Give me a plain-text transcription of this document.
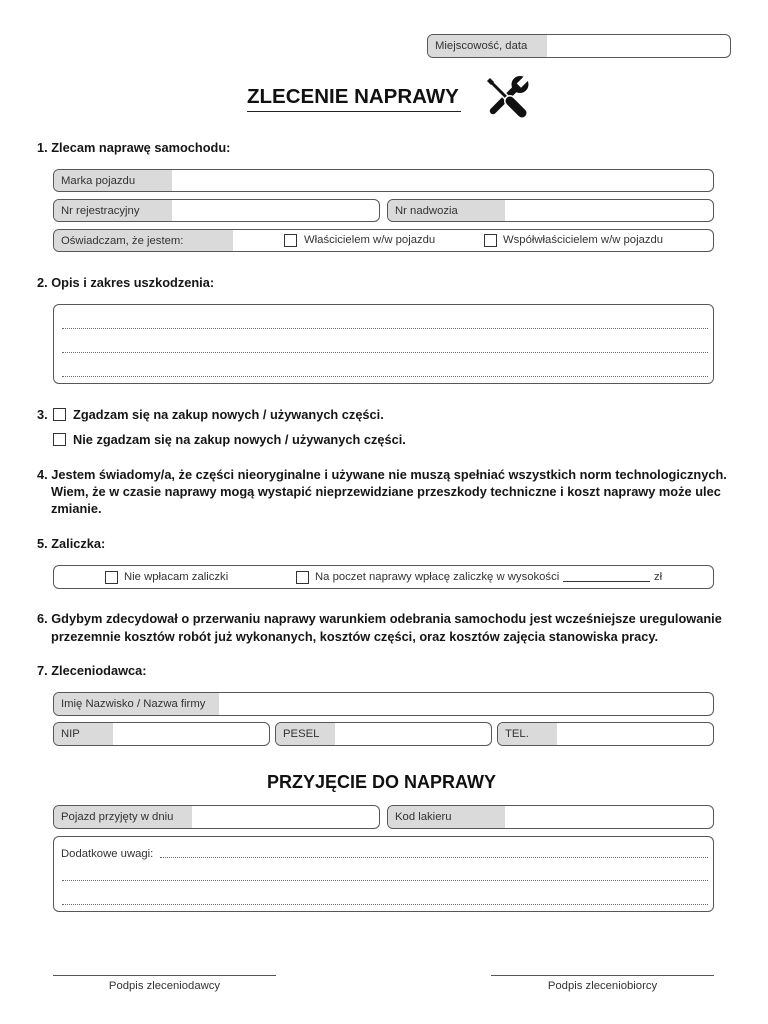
Miejscowość, data
ZLECENIE NAPRAWY
1. Zlecam naprawę samochodu:
Marka pojazdu
Nr rejestracyjny	Nr nadwozia
Oświadczam, że jestem:	Właścicielem w/w pojazdu	Współwłaścicielem w/w pojazdu
2. Opis i zakres uszkodzenia:
3. Zgadzam się na zakup nowych / używanych części.
Nie zgadzam się na zakup nowych / używanych części.
4. Jestem świadomy/a, że części nieoryginalne i używane nie muszą spełniać wszystkich norm technologicznych.
Wiem, że w czasie naprawy mogą wystapić nieprzewidziane przeszkody techniczne i koszt naprawy może ulec
zmianie.
5. Zaliczka:
Nie wpłacam zaliczki	Na poczet naprawy wpłacę zaliczkę w wysokości	zł
6. Gdybym zdecydował o przerwaniu naprawy warunkiem odebrania samochodu jest wcześniejsze uregulowanie
przezemnie kosztów robót już wykonanych, kosztów części, oraz kosztów zajęcia stanowiska pracy.
7. Zleceniodawca:
Imię Nazwisko / Nazwa firmy
NIP	PESEL	TEL.
PRZYJĘCIE DO NAPRAWY
Pojazd przyjęty w dniu	Kod lakieru
Dodatkowe uwagi:
Podpis zleceniodawcy	Podpis zleceniobiorcy
